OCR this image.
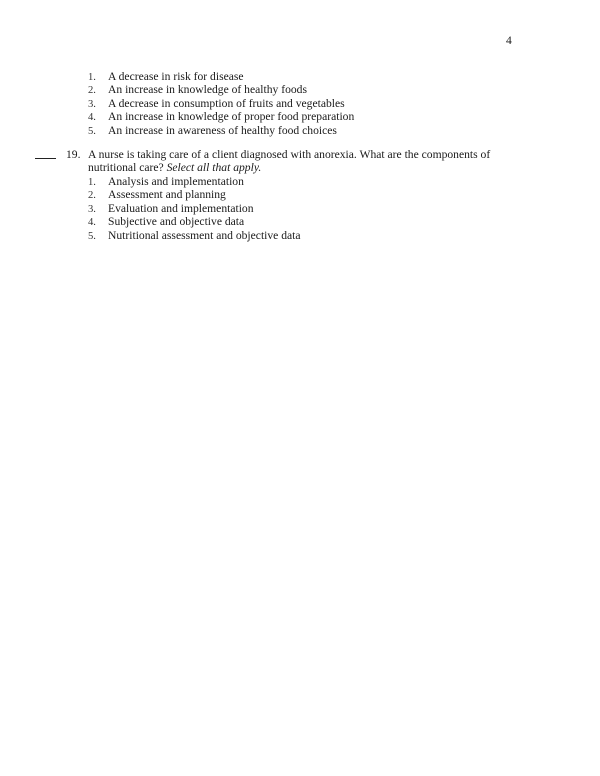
4
1. A decrease in risk for disease
2. An increase in knowledge of healthy foods
3. A decrease in consumption of fruits and vegetables
4. An increase in knowledge of proper food preparation
5. An increase in awareness of healthy food choices
19. A nurse is taking care of a client diagnosed with anorexia. What are the components of
nutritional care? Select all that apply.
1. Analysis and implementation
2. Assessment and planning
3. Evaluation and implementation
4. Subjective and objective data
5. Nutritional assessment and objective data
